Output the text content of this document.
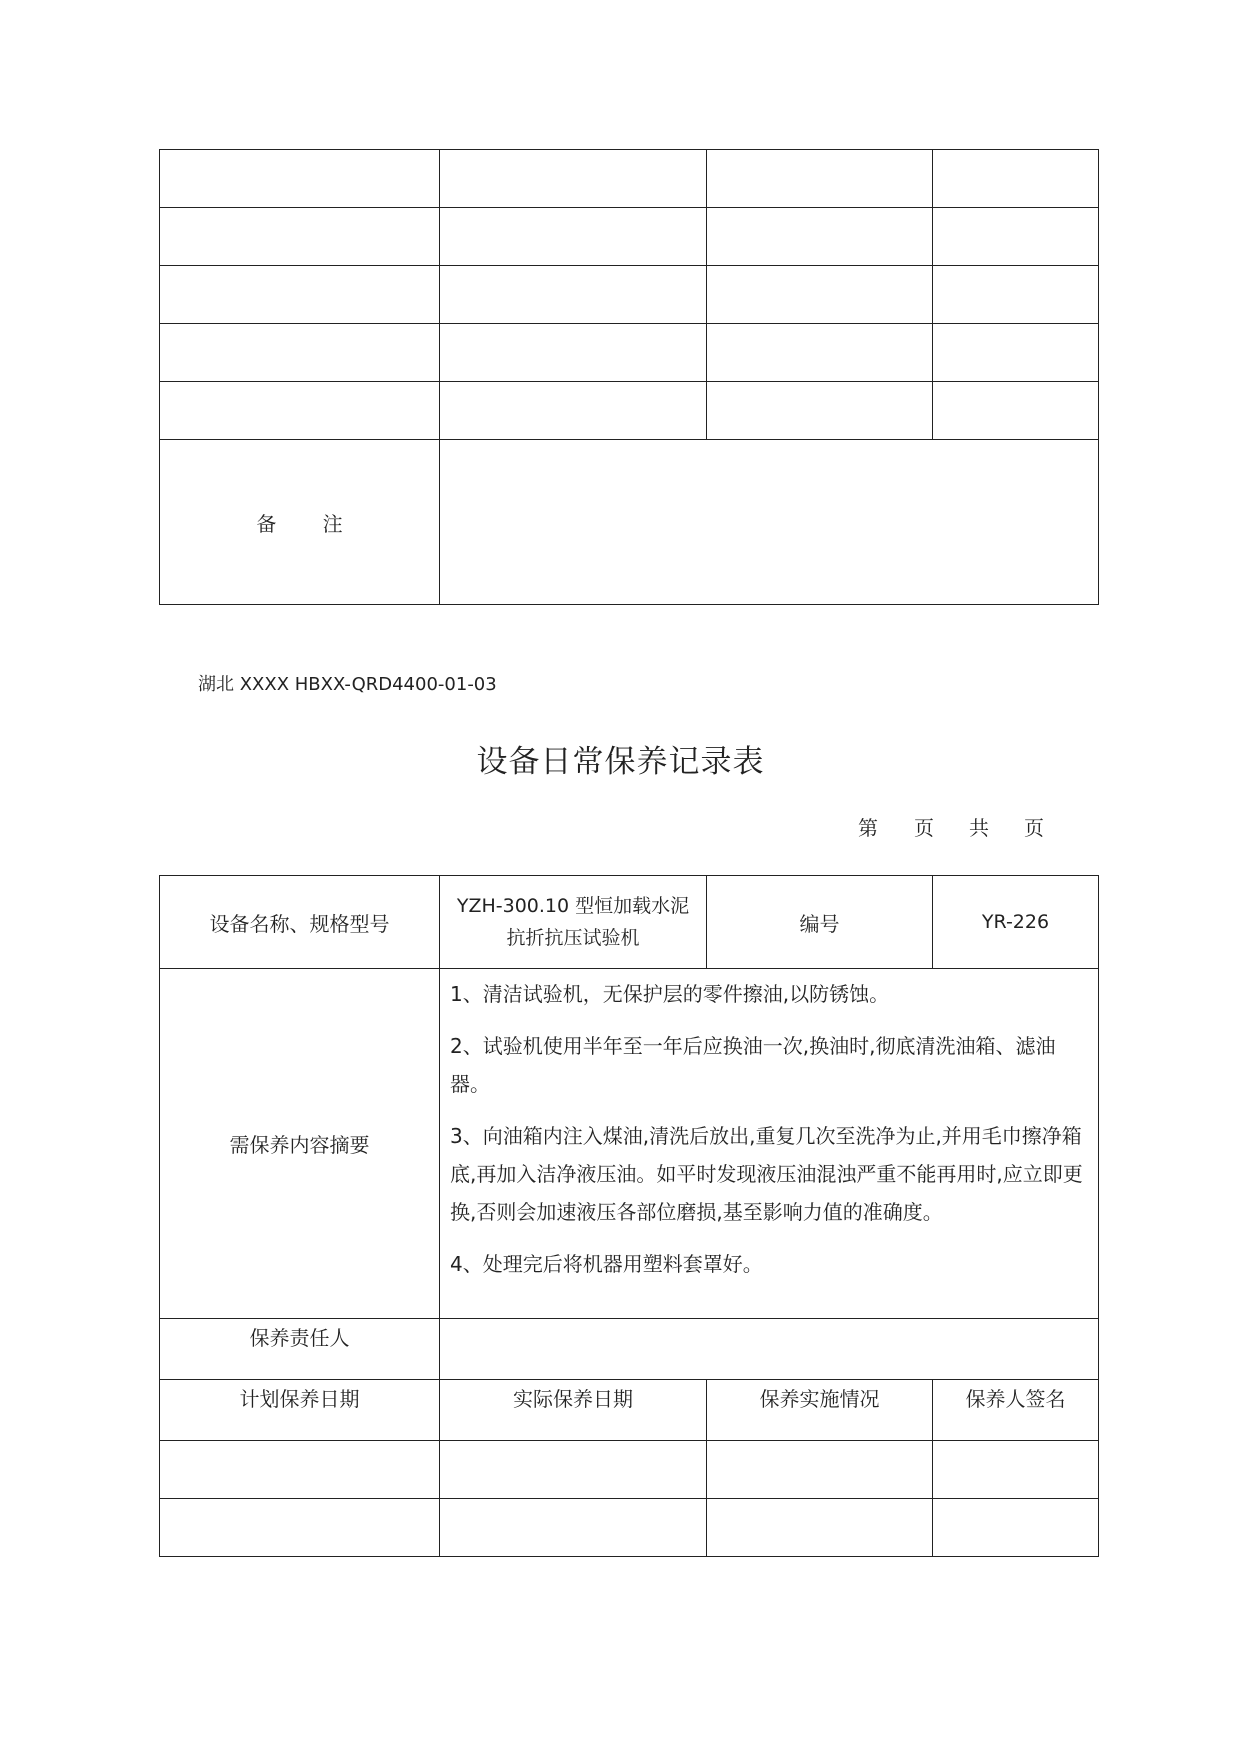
备 注			
湖北 XXXX HBXX-QRD4400-01-03
设备日常保养记录表
第 页 共 页
设备名称、规格型号	YZH-300.10 型恒加载水泥
抗折抗压试验机	编号	YR-226
需保养内容摘要	1、清洁试验机，无保护层的零件擦油,以防锈蚀。

2、试验机使用半年至一年后应换油一次,换油时,彻底清洗油箱、滤油器。

3、向油箱内注入煤油,清洗后放出,重复几次至洗净为止,并用毛巾擦净箱底,再加入洁净液压油。如平时发现液压油混浊严重不能再用时,应立即更换,否则会加速液压各部位磨损,基至影响力值的准确度。

4、处理完后将机器用塑料套罩好。		

保养责任人			
计划保养日期	实际保养日期	保养实施情况	保养人签名
